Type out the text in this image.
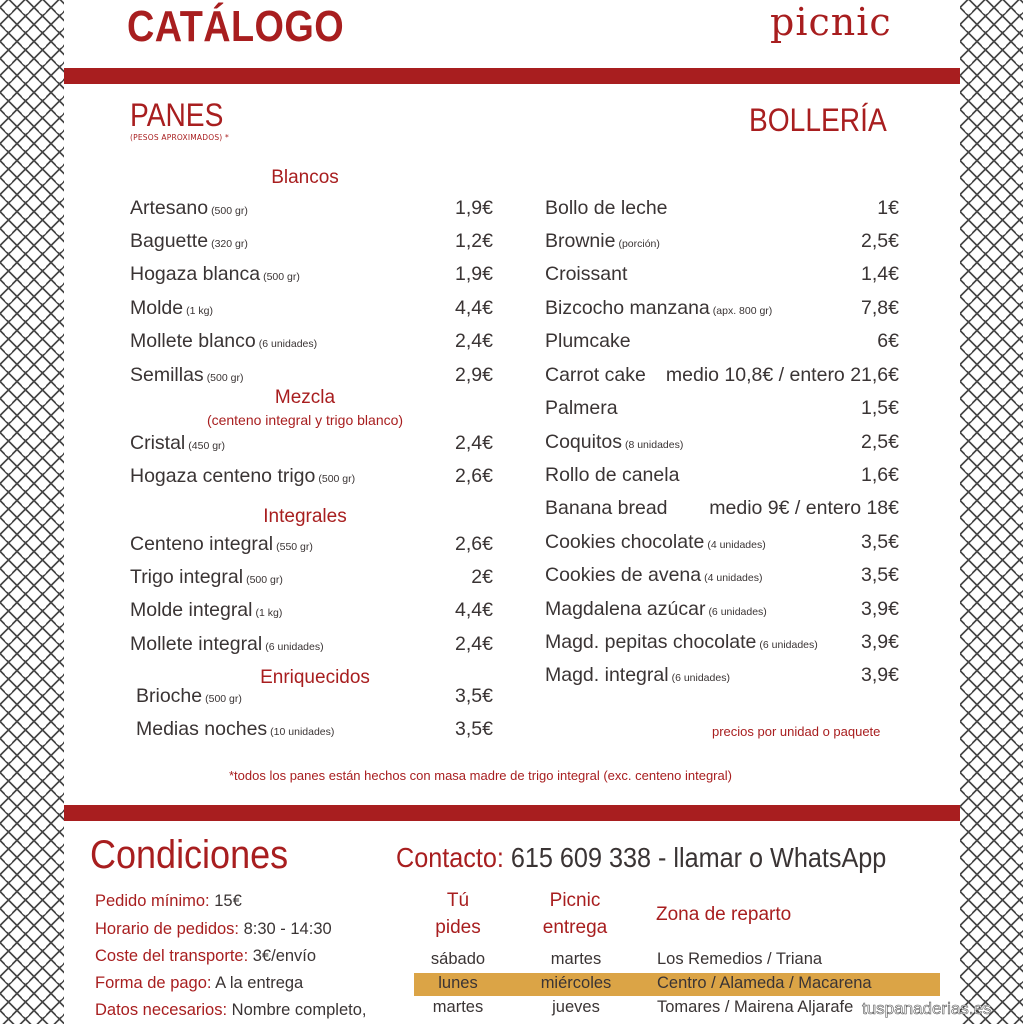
CATÁLOGO	picnic
PANES
(PESOS APROXIMADOS) *
Blancos
Artesano (500 gr)	1,9€
Baguette (320 gr)	1,2€
Hogaza blanca (500 gr)	1,9€
Molde (1 kg)	4,4€
Mollete blanco (6 unidades)	2,4€
Semillas (500 gr)	2,9€
Mezcla
(centeno integral y trigo blanco)
Cristal (450 gr)	2,4€
Hogaza centeno trigo (500 gr)	2,6€
Integrales
Centeno integral (550 gr)	2,6€
Trigo integral (500 gr)	2€
Molde integral (1 kg)	4,4€
Mollete integral (6 unidades)	2,4€
Enriquecidos
Brioche (500 gr)	3,5€
Medias noches (10 unidades)	3,5€
BOLLERÍA
Bollo de leche	1€
Brownie (porción)	2,5€
Croissant	1,4€
Bizcocho manzana (apx. 800 gr)	7,8€
Plumcake	6€
Carrot cake medio 10,8€ / entero 21,6€
Palmera	1,5€
Coquitos (8 unidades)	2,5€
Rollo de canela	1,6€
Banana bread medio 9€ / entero 18€
Cookies chocolate (4 unidades)	3,5€
Cookies de avena (4 unidades)	3,5€
Magdalena azúcar (6 unidades)	3,9€
Magd. pepitas chocolate (6 unidades) 3,9€
Magd. integral (6 unidades)	3,9€
precios por unidad o paquete
*todos los panes están hechos con masa madre de trigo integral (exc. centeno integral)
Condiciones
Pedido mínimo: 15€
Horario de pedidos: 8:30 - 14:30
Coste del transporte: 3€/envío
Forma de pago: A la entrega
Datos necesarios: Nombre completo,
Contacto: 615 609 338 - llamar o WhatsApp
Tú
pides
Picnic
entrega
Zona de reparto
sábado	martes	Los Remedios / Triana
lunes	miércoles	Centro / Alameda / Macarena
martes	jueves	Tomares / Mairena Aljarafe tuspanaderias.es
